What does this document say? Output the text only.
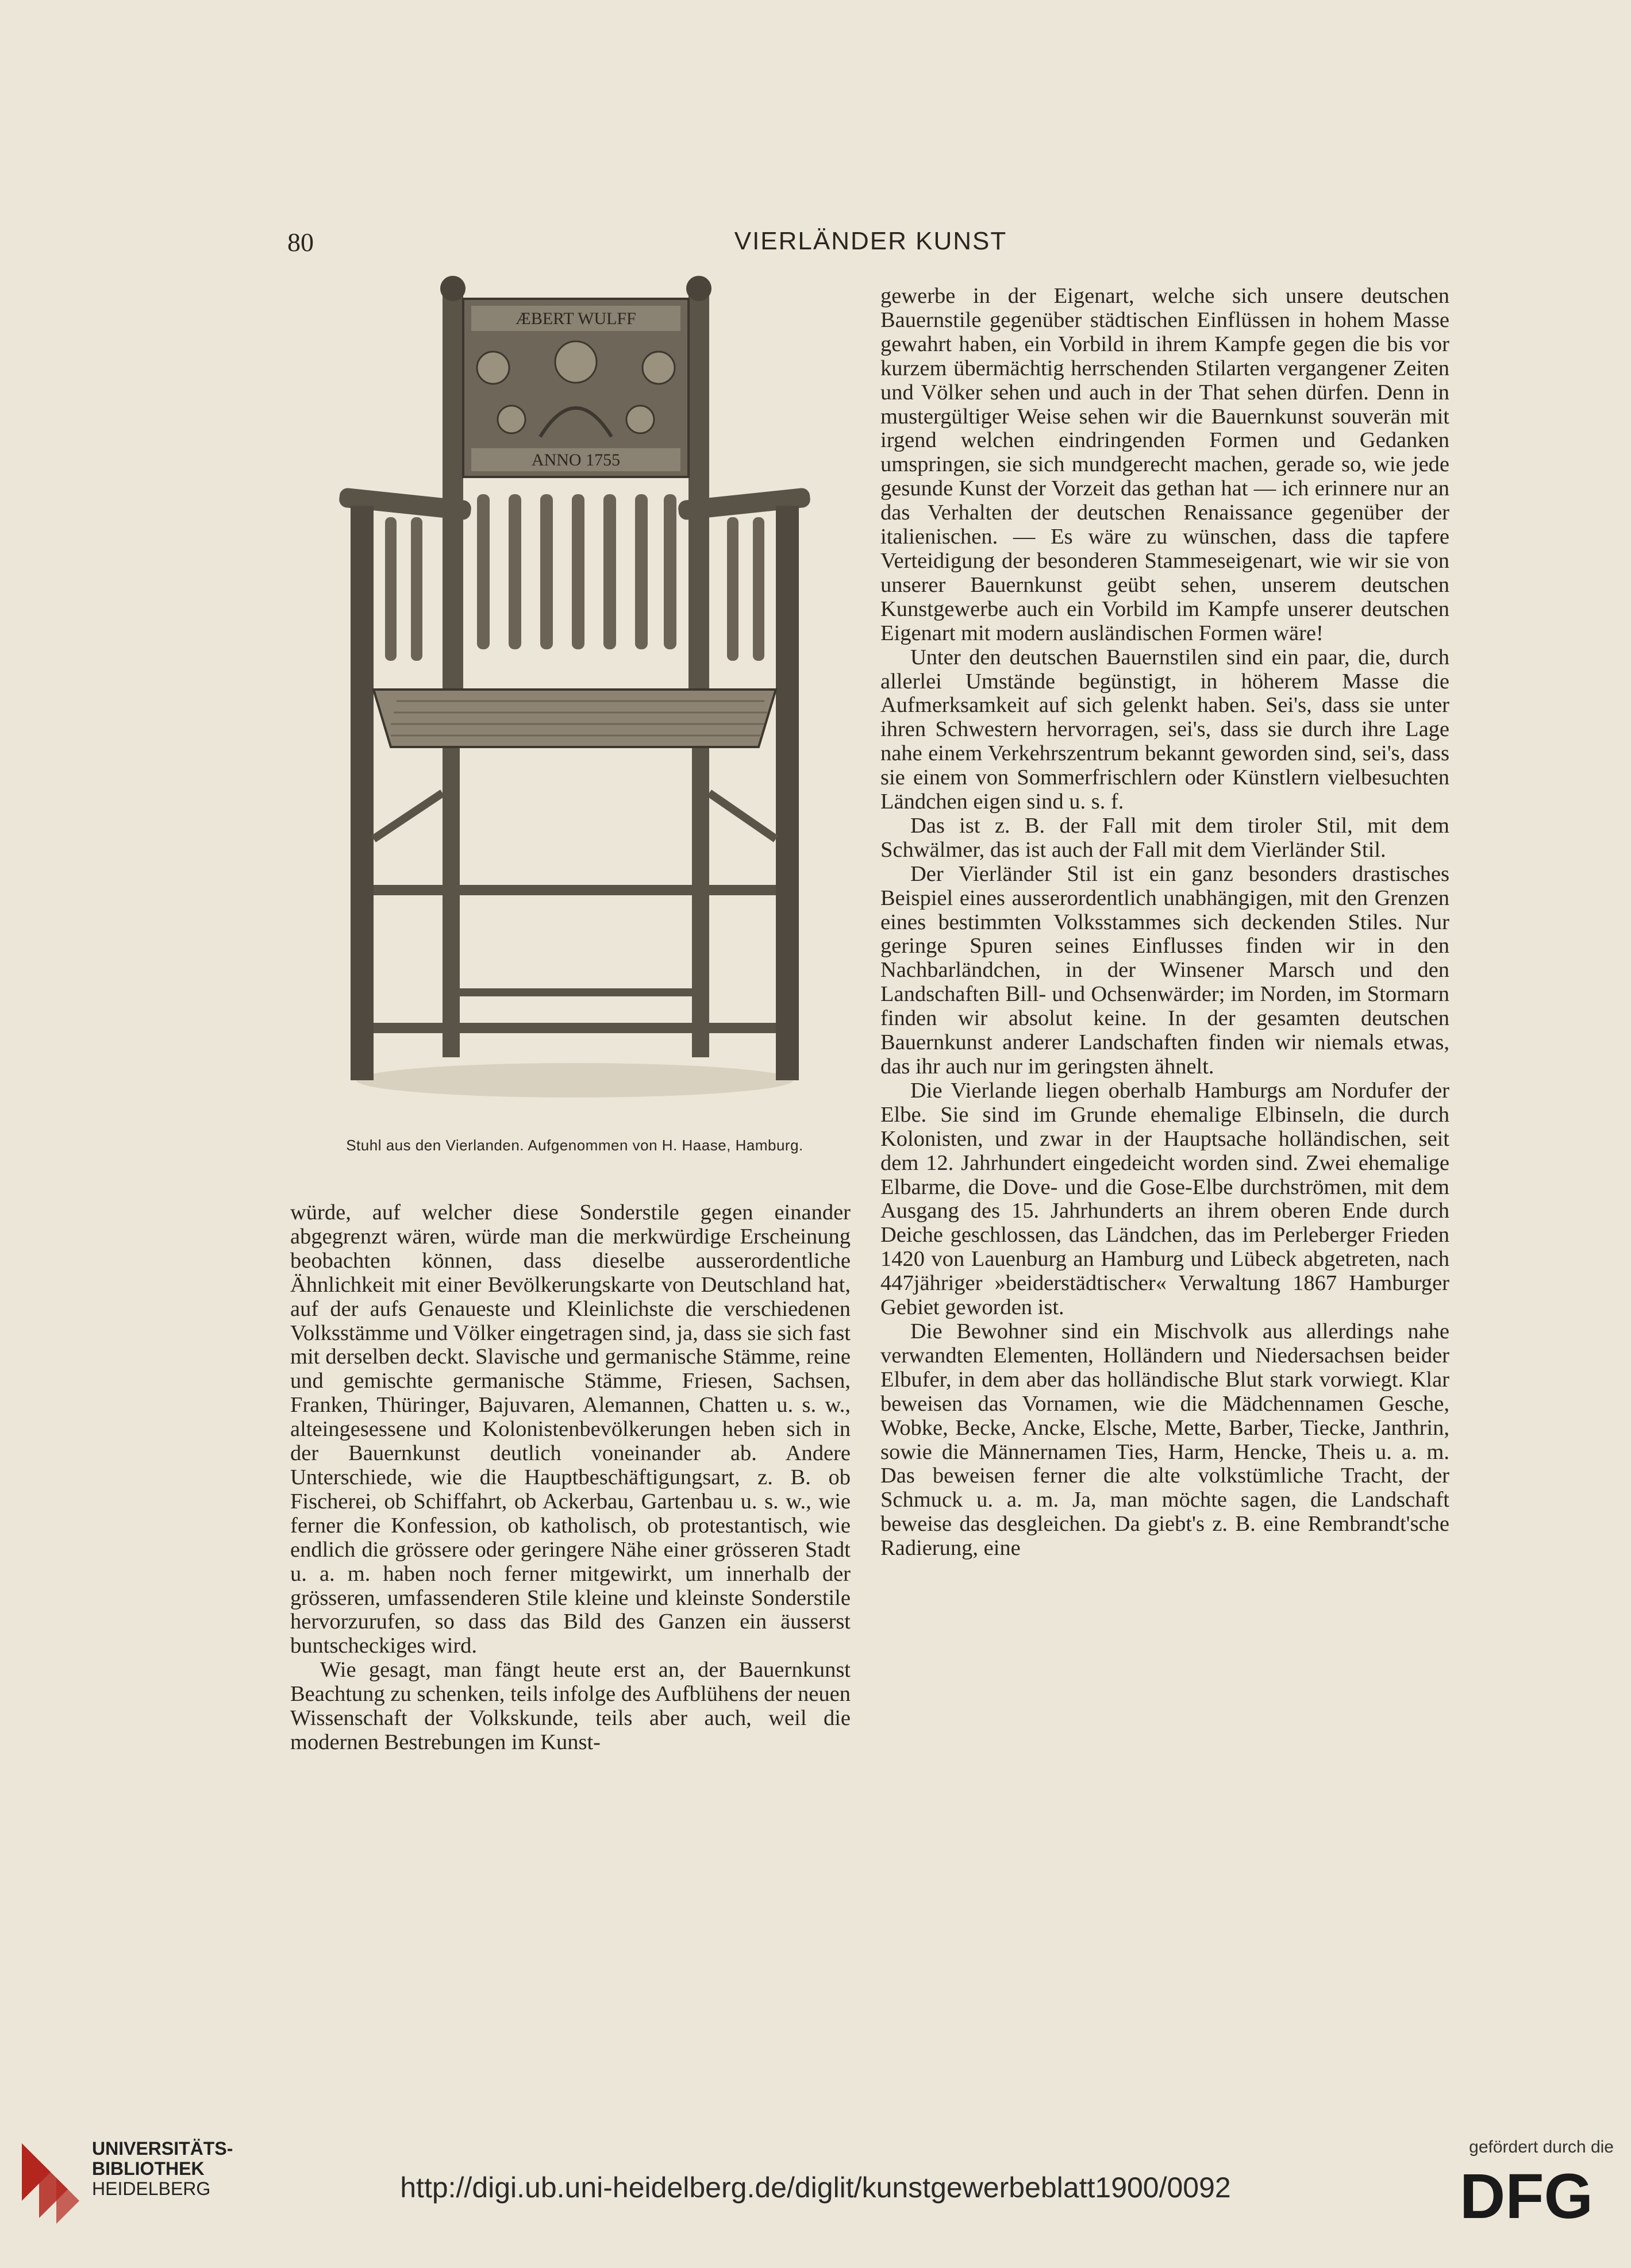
80	VIERLÄNDER KUNST
ÆBERT WULFF
ANNO 1755
Stuhl aus den Vierlanden. Aufgenommen von H. Haase, Hamburg.

würde, auf welcher diese Sonderstile gegen einander abgegrenzt wären, würde man die merkwürdige Erscheinung beobachten können, dass dieselbe ausserordentliche Ähnlichkeit mit einer Bevölkerungskarte von Deutschland hat, auf der aufs Genaueste und Kleinlichste die verschiedenen Volksstämme und Völker eingetragen sind, ja, dass sie sich fast mit derselben deckt. Slavische und germanische Stämme, reine und gemischte germanische Stämme, Friesen, Sachsen, Franken, Thüringer, Bajuvaren, Alemannen, Chatten u. s. w., alteingesessene und Kolonistenbevölkerungen heben sich in der Bauernkunst deutlich voneinander ab. Andere Unterschiede, wie die Hauptbeschäftigungsart, z. B. ob Fischerei, ob Schiffahrt, ob Ackerbau, Gartenbau u. s. w., wie ferner die Konfession, ob katholisch, ob protestantisch, wie endlich die grössere oder geringere Nähe einer grösseren Stadt u. a. m. haben noch ferner mitgewirkt, um innerhalb der grösseren, umfassenderen Stile kleine und kleinste Sonderstile hervorzurufen, so dass das Bild des Ganzen ein äusserst buntscheckiges wird.

Wie gesagt, man fängt heute erst an, der Bauernkunst Beachtung zu schenken, teils infolge des Aufblühens der neuen Wissenschaft der Volkskunde, teils aber auch, weil die modernen Bestrebungen im Kunst-

gewerbe in der Eigenart, welche sich unsere deutschen Bauernstile gegenüber städtischen Einflüssen in hohem Masse gewahrt haben, ein Vorbild in ihrem Kampfe gegen die bis vor kurzem übermächtig herrschenden Stilarten vergangener Zeiten und Völker sehen und auch in der That sehen dürfen. Denn in mustergültiger Weise sehen wir die Bauernkunst souverän mit irgend welchen eindringenden Formen und Gedanken umspringen, sie sich mundgerecht machen, gerade so, wie jede gesunde Kunst der Vorzeit das gethan hat — ich erinnere nur an das Verhalten der deutschen Renaissance gegenüber der italienischen. — Es wäre zu wünschen, dass die tapfere Verteidigung der besonderen Stammeseigenart, wie wir sie von unserer Bauernkunst geübt sehen, unserem deutschen Kunstgewerbe auch ein Vorbild im Kampfe unserer deutschen Eigenart mit modern ausländischen Formen wäre!

Unter den deutschen Bauernstilen sind ein paar, die, durch allerlei Umstände begünstigt, in höherem Masse die Aufmerksamkeit auf sich gelenkt haben. Sei's, dass sie unter ihren Schwestern hervorragen, sei's, dass sie durch ihre Lage nahe einem Verkehrszentrum bekannt geworden sind, sei's, dass sie einem von Sommerfrischlern oder Künstlern vielbesuchten Ländchen eigen sind u. s. f.

Das ist z. B. der Fall mit dem tiroler Stil, mit dem Schwälmer, das ist auch der Fall mit dem Vierländer Stil.

Der Vierländer Stil ist ein ganz besonders drastisches Beispiel eines ausserordentlich unabhängigen, mit den Grenzen eines bestimmten Volksstammes sich deckenden Stiles. Nur geringe Spuren seines Einflusses finden wir in den Nachbarländchen, in der Winsener Marsch und den Landschaften Bill- und Ochsenwärder; im Norden, im Stormarn finden wir absolut keine. In der gesamten deutschen Bauernkunst anderer Landschaften finden wir niemals etwas, das ihr auch nur im geringsten ähnelt.

Die Vierlande liegen oberhalb Hamburgs am Nordufer der Elbe. Sie sind im Grunde ehemalige Elbinseln, die durch Kolonisten, und zwar in der Hauptsache holländischen, seit dem 12. Jahrhundert eingedeicht worden sind. Zwei ehemalige Elbarme, die Dove- und die Gose-Elbe durchströmen, mit dem Ausgang des 15. Jahrhunderts an ihrem oberen Ende durch Deiche geschlossen, das Ländchen, das im Perleberger Frieden 1420 von Lauenburg an Hamburg und Lübeck abgetreten, nach 447jähriger »beiderstädtischer« Verwaltung 1867 Hamburger Gebiet geworden ist.

Die Bewohner sind ein Mischvolk aus allerdings nahe verwandten Elementen, Holländern und Niedersachsen beider Elbufer, in dem aber das holländische Blut stark vorwiegt. Klar beweisen das Vornamen, wie die Mädchennamen Gesche, Wobke, Becke, Ancke, Elsche, Mette, Barber, Tiecke, Janthrin, sowie die Männernamen Ties, Harm, Hencke, Theis u. a. m. Das beweisen ferner die alte volkstümliche Tracht, der Schmuck u. a. m. Ja, man möchte sagen, die Landschaft beweise das desgleichen. Da giebt's z. B. eine Rembrandt'sche Radierung, eine

UNIVERSITÄTS-
BIBLIOTHEK
HEIDELBERG	http://digi.ub.uni-heidelberg.de/diglit/kunstgewerbeblatt1900/0092
gefördert durch die
DFG
